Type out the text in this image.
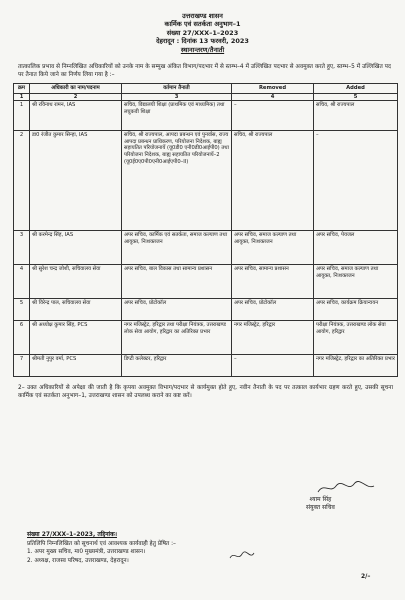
उत्तराखण्ड शासन
कार्मिक एवं सतर्कता अनुभाग–1
संख्या 27/XXX–1–2023
देहरादून : दिनांक 13 फरवरी, 2023
स्थानान्तरण/तैनाती
तात्कालिक प्रभाव से निम्नलिखित अधिकारियों को उनके नाम के सम्मुख अंकित विभाग/पदभार में से स्तम्भ–4 में उल्लिखित पदभार से अवमुक्त करते हुए, स्तम्भ–5 में उल्लिखित पद पर तैनात किये जाने का निर्णय लिया गया है :–
क्रम	अधिकारी का नाम/पदनाम	वर्तमान तैनाती	Removed	Added
1	2	3	4	5
1	श्री रविनाथ रामन, IAS	सचिव, विद्यालयी शिक्षा (प्राथमिक एवं माध्यमिक) तथा लघुकवी शिक्षा	–	सचिव, श्री राज्यपाल
2	डा0 रंजीत कुमार सिन्हा, IAS	सचिव, श्री राज्यपाल, आपदा प्रबन्धन एवं पुनर्वास, राज्य आपदा प्रबन्धन प्राधिकरण, परियोजना निदेशक, बाह्य सहायतित परियोजनायें (यू0डी0 एनी0डी0आईपी0) तथा परियोजना निदेशक, बाह्य सहायतित परियोजनायें–2 (यू0ई0ए0पी0एनी0आईएपी0–II)	सचिव, श्री राज्यपाल	–
3	श्री करमेन्द्र सिंह, IAS	अपर सचिव, कार्मिक एवं सतर्कता, समाज कल्याण तथा आयुक्त, निःशक्तजन	अपर सचिव, समाज कल्याण तथा आयुक्त, निःशक्तजन	अपर सचिव, पेयजल
4	श्री सुरेश चन्द्र जोशी, सचिवालय सेवा	अपर सचिव, बाल विकास तथा सामान्य प्रशासन	अपर सचिव, सामान्य प्रशासन	अपर सचिव, समाज कल्याण तथा आयुक्त, निःशक्तजन
5	श्री विरेन्द्र पाल, सचिवालय सेवा	अपर सचिव, प्रोटोकॉल	अपर सचिव, प्रोटोकॉल	अपर सचिव, कार्यक्रम क्रियान्वयन
6	श्री अध्योक्ष कुमार सिंह, PCS	नगर मजिस्ट्रेट, हरिद्वार तथा परीक्षा नियंत्रक, उत्तराखण्ड लोक सेवा आयोग, हरिद्वार का अतिरिक्त प्रभार	नगर मजिस्ट्रेट, हरिद्वार	परीक्षा नियंत्रक, उत्तराखण्ड लोक सेवा आयोग, हरिद्वार
7	श्रीमती नुपुर वर्मा, PCS	डिप्टी कलेक्टर, हरिद्वार	–	नगर मजिस्ट्रेट, हरिद्वार का अतिरिक्त प्रभार
2– उक्त अधिकारियों से अपेक्षा की जाती है कि कृपया अवमुक्त विभाग/पदभार से कार्यमुक्त होते हुए, नवीन तैनाती के पद पर तत्काल कार्यभार ग्रहण करते हुए, उसकी सूचना कार्मिक एवं सतर्कता अनुभाग–1, उत्तराखण्ड शासन को उपलब्ध कराने का कष्ट करें।
श्याम सिंह
संयुक्त सचिव
संख्या 27/XXX–1–2023, तद्दिनांक।
प्रतिलिपि निम्नलिखित को सूचनार्थ एवं आवश्यक कार्यवाही हेतु प्रेषित :–
1. अपर मुख्य सचिव, मा0 मुख्यमंत्री, उत्तराखण्ड शासन।
2. अध्यक्ष, राजस्व परिषद, उत्तराखण्ड, देहरादून।
2/–
